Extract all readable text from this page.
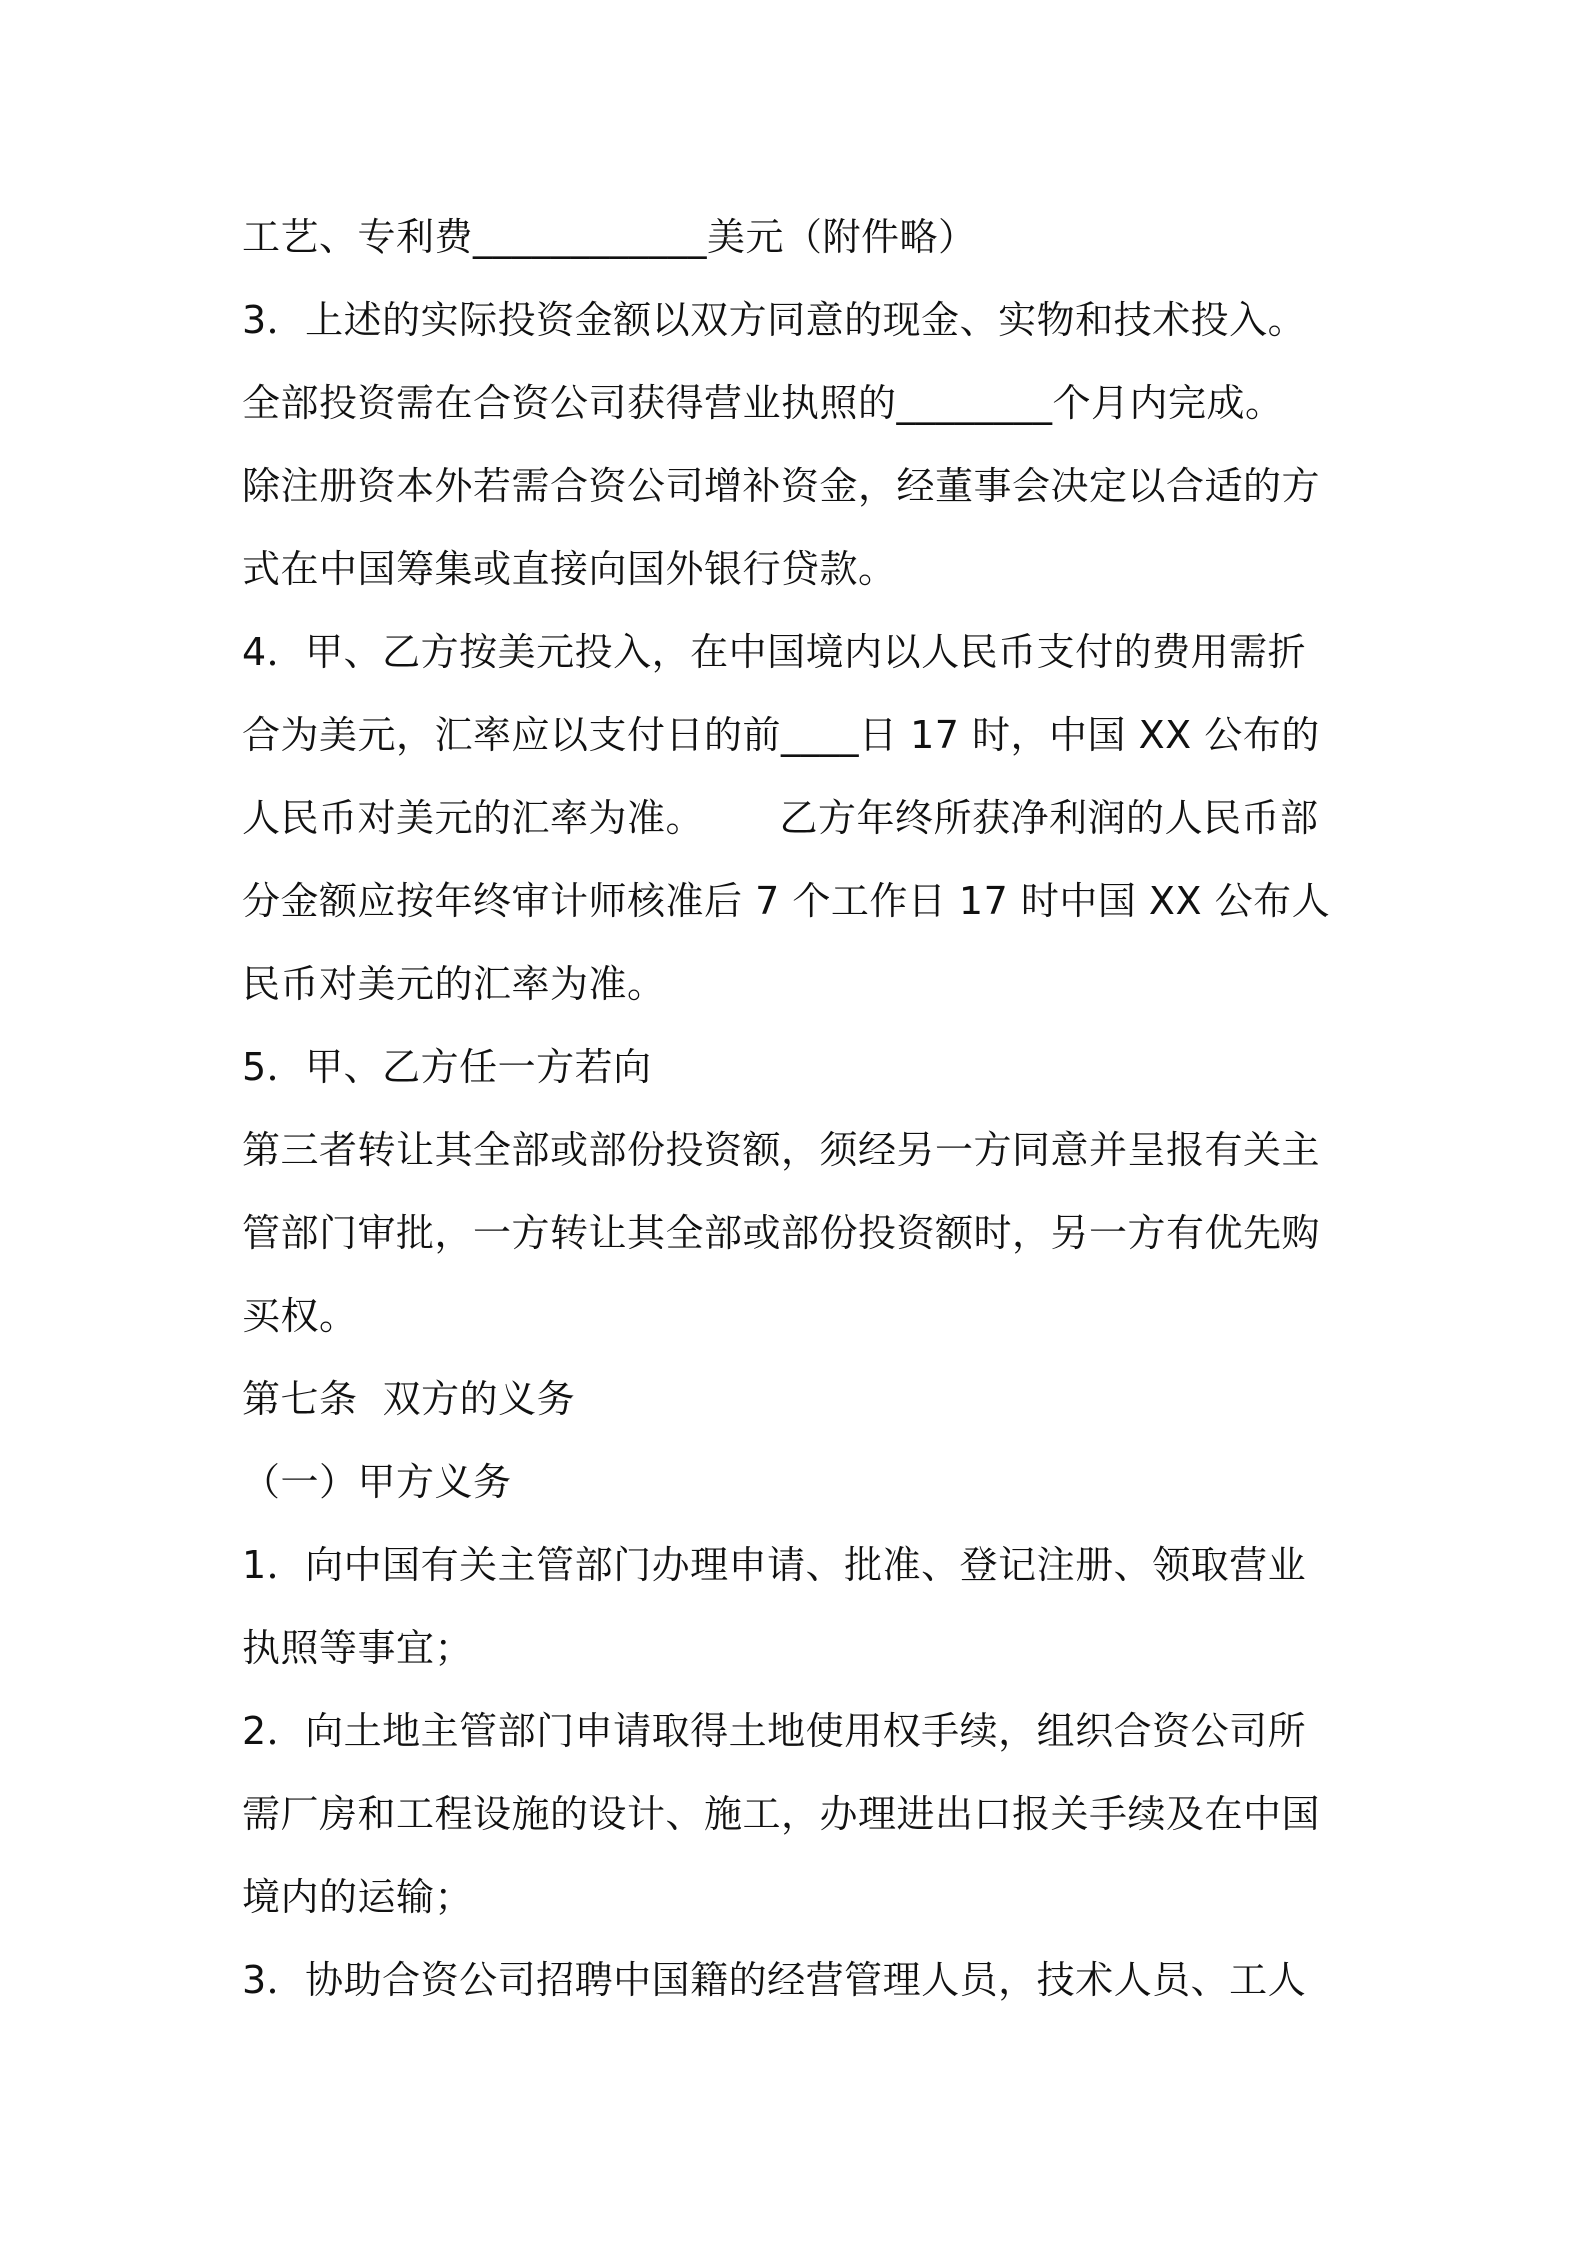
工艺、专利费____________美元（附件略）
3．上述的实际投资金额以双方同意的现金、实物和技术投入。
全部投资需在合资公司获得营业执照的________个月内完成。
除注册资本外若需合资公司增补资金，经董事会决定以合适的方
式在中国筹集或直接向国外银行贷款。
4．甲、乙方按美元投入，在中国境内以人民币支付的费用需折
合为美元，汇率应以支付日的前____日 17 时，中国 XX 公布的
人民币对美元的汇率为准。      乙方年终所获净利润的人民币部
分金额应按年终审计师核准后 7 个工作日 17 时中国 XX 公布人
民币对美元的汇率为准。
5．甲、乙方任一方若向
第三者转让其全部或部份投资额，须经另一方同意并呈报有关主
管部门审批，一方转让其全部或部份投资额时，另一方有优先购
买权。
第七条  双方的义务
（一）甲方义务
1．向中国有关主管部门办理申请、批准、登记注册、领取营业
执照等事宜；
2．向土地主管部门申请取得土地使用权手续，组织合资公司所
需厂房和工程设施的设计、施工，办理进出口报关手续及在中国
境内的运输；
3．协助合资公司招聘中国籍的经营管理人员，技术人员、工人
